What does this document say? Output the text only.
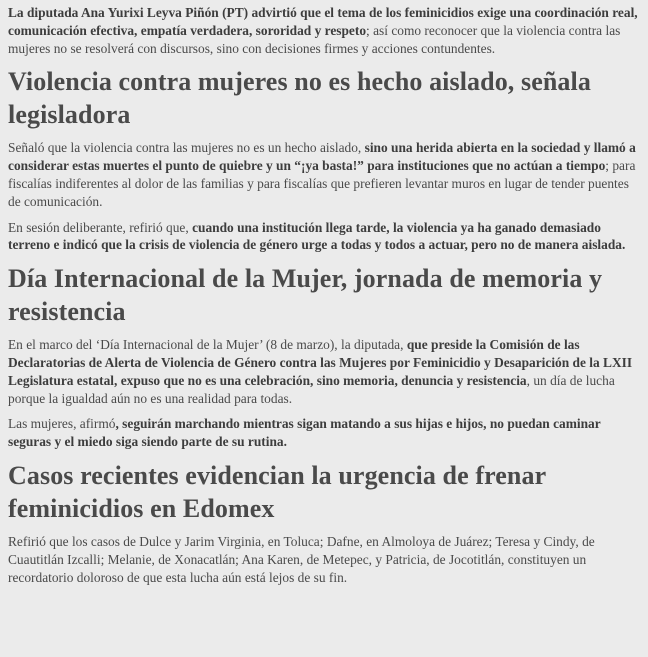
La diputada Ana Yurixi Leyva Piñón (PT) advirtió que el tema de los feminicidios exige una coordinación real, comunicación efectiva, empatía verdadera, sororidad y respeto; así como reconocer que la violencia contra las mujeres no se resolverá con discursos, sino con decisiones firmes y acciones contundentes.

Violencia contra mujeres no es hecho aislado, señala legisladora

Señaló que la violencia contra las mujeres no es un hecho aislado, sino una herida abierta en la sociedad y llamó a considerar estas muertes el punto de quiebre y un “¡ya basta!” para instituciones que no actúan a tiempo; para fiscalías indiferentes al dolor de las familias y para fiscalías que prefieren levantar muros en lugar de tender puentes de comunicación.

En sesión deliberante, refirió que, cuando una institución llega tarde, la violencia ya ha ganado demasiado terreno e indicó que la crisis de violencia de género urge a todas y todos a actuar, pero no de manera aislada.

Día Internacional de la Mujer, jornada de memoria y resistencia

En el marco del ‘Día Internacional de la Mujer’ (8 de marzo), la diputada, que preside la Comisión de las Declaratorias de Alerta de Violencia de Género contra las Mujeres por Feminicidio y Desaparición de la LXII Legislatura estatal, expuso que no es una celebración, sino memoria, denuncia y resistencia, un día de lucha porque la igualdad aún no es una realidad para todas.

Las mujeres, afirmó, seguirán marchando mientras sigan matando a sus hijas e hijos, no puedan caminar seguras y el miedo siga siendo parte de su rutina.

Casos recientes evidencian la urgencia de frenar feminicidios en Edomex

Refirió que los casos de Dulce y Jarim Virginia, en Toluca; Dafne, en Almoloya de Juárez; Teresa y Cindy, de Cuautitlán Izcalli; Melanie, de Xonacatlán; Ana Karen, de Metepec, y Patricia, de Jocotitlán, constituyen un recordatorio doloroso de que esta lucha aún está lejos de su fin.
